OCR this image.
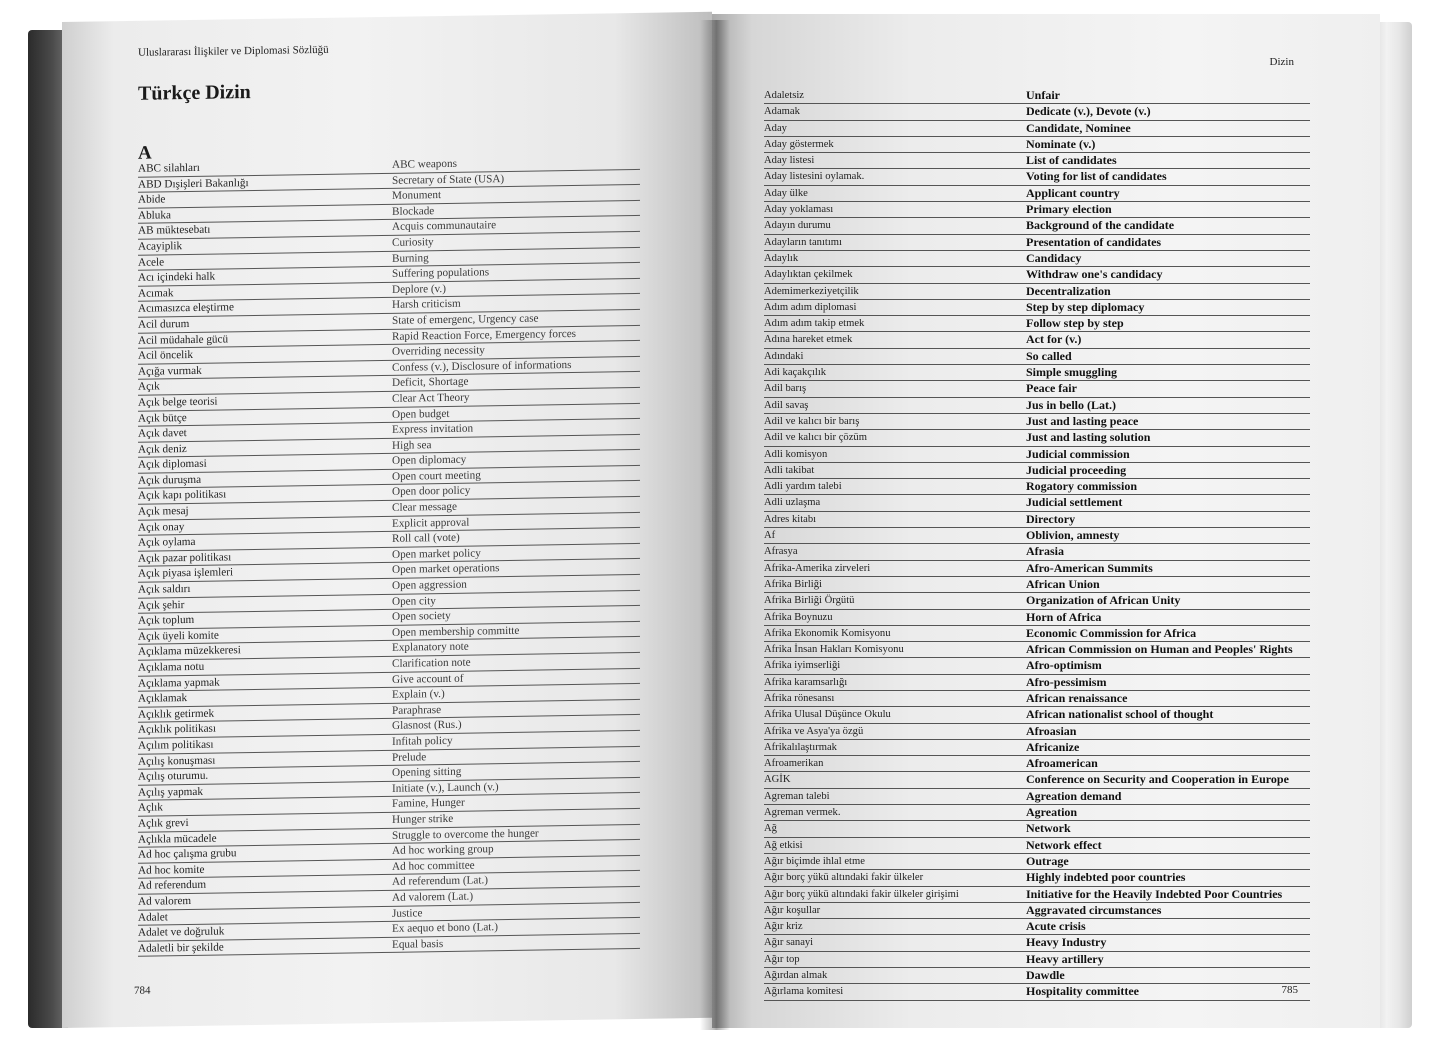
Uluslararası İlişkiler ve Diplomasi Sözlüğü
Türkçe Dizin
A
ABC silahları	ABC weapons
ABD Dışişleri Bakanlığı	Secretary of State (USA)
Abide	Monument
Abluka	Blockade
AB müktesebatı	Acquis communautaire
Acayiplik	Curiosity
Acele	Burning
Acı içindeki halk	Suffering populations
Acımak	Deplore (v.)
Acımasızca eleştirme	Harsh criticism
Acil durum	State of emergenc, Urgency case
Acil müdahale gücü	Rapid Reaction Force, Emergency forces
Acil öncelik	Overriding necessity
Açığa vurmak	Confess (v.), Disclosure of informations
Açık	Deficit, Shortage
Açık belge teorisi	Clear Act Theory
Açık bütçe	Open budget
Açık davet	Express invitation
Açık deniz	High sea
Açık diplomasi	Open diplomacy
Açık duruşma	Open court meeting
Açık kapı politikası	Open door policy
Açık mesaj	Clear message
Açık onay	Explicit approval
Açık oylama	Roll call (vote)
Açık pazar politikası	Open market policy
Açık piyasa işlemleri	Open market operations
Açık saldırı	Open aggression
Açık şehir	Open city
Açık toplum	Open society
Açık üyeli komite	Open membership committe
Açıklama müzekkeresi	Explanatory note
Açıklama notu	Clarification note
Açıklama yapmak	Give account of
Açıklamak	Explain (v.)
Açıklık getirmek	Paraphrase
Açıklık politikası	Glasnost (Rus.)
Açılım politikası	Infitah policy
Açılış konuşması	Prelude
Açılış oturumu.	Opening sitting
Açılış yapmak	Initiate (v.), Launch (v.)
Açlık	Famine, Hunger
Açlık grevi	Hunger strike
Açlıkla mücadele	Struggle to overcome the hunger
Ad hoc çalışma grubu	Ad hoc working group
Ad hoc komite	Ad hoc committee
Ad referendum	Ad referendum (Lat.)
Ad valorem	Ad valorem (Lat.)
Adalet	Justice
Adalet ve doğruluk	Ex aequo et bono (Lat.)
Adaletli bir şekilde	Equal basis
784
Dizin
Adaletsiz	Unfair
Adamak	Dedicate (v.), Devote (v.)
Aday	Candidate, Nominee
Aday göstermek	Nominate (v.)
Aday listesi	List of candidates
Aday listesini oylamak.	Voting for list of candidates
Aday ülke	Applicant country
Aday yoklaması	Primary election
Adayın durumu	Background of the candidate
Adayların tanıtımı	Presentation of candidates
Adaylık	Candidacy
Adaylıktan çekilmek	Withdraw one's candidacy
Ademimerkeziyetçilik	Decentralization
Adım adım diplomasi	Step by step diplomacy
Adım adım takip etmek	Follow step by step
Adına hareket etmek	Act for (v.)
Adındaki	So called
Adi kaçakçılık	Simple smuggling
Adil barış	Peace fair
Adil savaş	Jus in bello (Lat.)
Adil ve kalıcı bir barış	Just and lasting peace
Adil ve kalıcı bir çözüm	Just and lasting solution
Adli komisyon	Judicial commission
Adli takibat	Judicial proceeding
Adli yardım talebi	Rogatory commission
Adli uzlaşma	Judicial settlement
Adres kitabı	Directory
Af	Oblivion, amnesty
Afrasya	Afrasia
Afrika-Amerika zirveleri	Afro-American Summits
Afrika Birliği	African Union
Afrika Birliği Örgütü	Organization of African Unity
Afrika Boynuzu	Horn of Africa
Afrika Ekonomik Komisyonu	Economic Commission for Africa
Afrika İnsan Hakları Komisyonu	African Commission on Human and Peoples' Rights
Afrika iyimserliği	Afro-optimism
Afrika karamsarlığı	Afro-pessimism
Afrika rönesansı	African renaissance
Afrika Ulusal Düşünce Okulu	African nationalist school of thought
Afrika ve Asya'ya özgü	Afroasian
Afrikalılaştırmak	Africanize
Afroamerikan	Afroamerican
AGİK	Conference on Security and Cooperation in Europe
Agreman talebi	Agreation demand
Agreman vermek.	Agreation
Ağ	Network
Ağ etkisi	Network effect
Ağır biçimde ihlal etme	Outrage
Ağır borç yükü altındaki fakir ülkeler	Highly indebted poor countries
Ağır borç yükü altındaki fakir ülkeler girişimi	Initiative for the Heavily Indebted Poor Countries
Ağır koşullar	Aggravated circumstances
Ağır kriz	Acute crisis
Ağır sanayi	Heavy Industry
Ağır top	Heavy artillery
Ağırdan almak	Dawdle
Ağırlama komitesi	Hospitality committee	785
